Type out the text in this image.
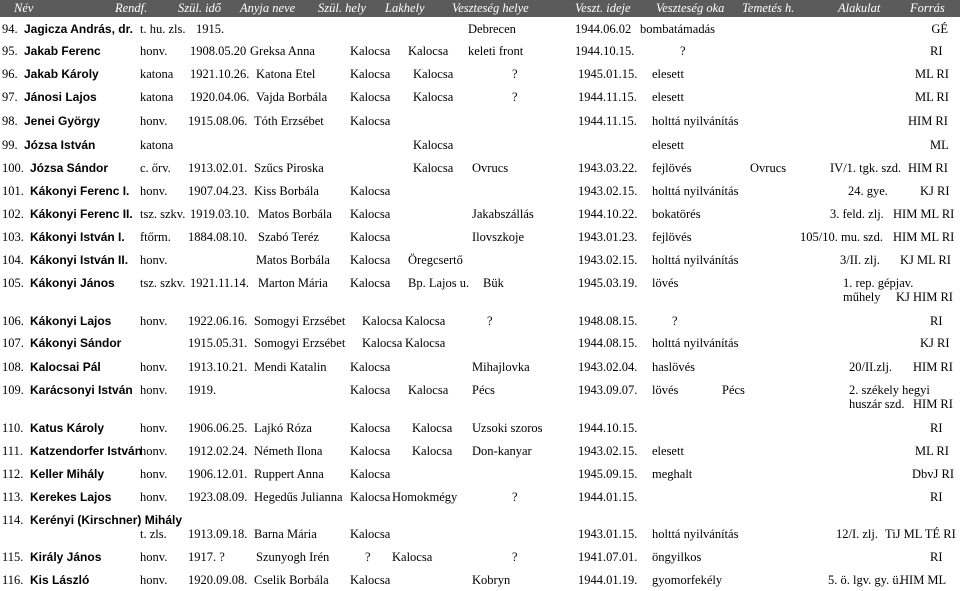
Név	Rendf. Szül. idő Anyja neve Szül. hely Lakhely Veszteség helye	Veszt. ideje Veszteség oka Temetés h.	Alakulat Forrás
94. Jagicza András, dr. t. hu. zls. 1915.	Debrecen	1944.06.02 bombatámadás	GÉ
95. Jakab Ferenc	honv. 1908.05.20 Greksa Anna	Kalocsa Kalocsa keleti front	1944.10.15.	?	RI
96. Jakab Károly	katona 1921.10.26. Katona Etel	Kalocsa Kalocsa	?	1945.01.15. elesett	ML RI
97. Jánosi Lajos	katona 1920.04.06. Vajda Borbála Kalocsa Kalocsa	?	1944.11.15. elesett	ML RI
98. Jenei György	honv. 1915.08.06. Tóth Erzsébet Kalocsa	1944.11.15. holttá nyilvánítás	HIM RI
99. Józsa István	katona	Kalocsa	elesett	ML
100. Józsa Sándor	c. őrv. 1913.02.01. Szűcs Piroska	Kalocsa Ovrucs	1943.03.22. fejlövés	Ovrucs	IV/1. tgk. szd. HIM RI
101. Kákonyi Ferenc I. honv. 1907.04.23. Kiss Borbála Kalocsa	1943.02.15. holttá nyilvánítás	24. gye.	KJ RI
102. Kákonyi Ferenc II. tsz. szkv. 1919.03.10. Matos Borbála Kalocsa	Jakabszállás	1944.10.22. bokatörés	3. feld. zlj. HIM ML RI
103. Kákonyi István I. ftőrm. 1884.08.10. Szabó Teréz Kalocsa	Ilovszkoje	1943.01.23. fejlövés	105/10. mu. szd. HIM ML RI
104. Kákonyi István II. honv.	Matos Borbála Kalocsa Öregcsertő	1943.02.15. holttá nyilvánítás	3/II. zlj. KJ ML RI
105. Kákonyi János tsz. szkv. 1921.11.14. Marton Mária Kalocsa Bp. Lajos u. Bük	1945.03.19. lövés	1. rep. gépjav.
műhely KJ HIM RI
106. Kákonyi Lajos honv. 1922.06.16. Somogyi Erzsébet Kalocsa Kalocsa	?	1948.08.15.	?	RI
107. Kákonyi Sándor	1915.05.31. Somogyi Erzsébet Kalocsa Kalocsa	1944.08.15. holttá nyilvánítás	KJ RI
108. Kalocsai Pál	honv. 1913.10.21. Mendi Katalin Kalocsa	Mihajlovka	1943.02.04. haslövés	20/II.zlj. HIM RI
109. Karácsonyi István honv. 1919.	Kalocsa Kalocsa Pécs	1943.09.07. lövés	Pécs	2. székely hegyi
huszár szd. HIM RI
110. Katus Károly	honv. 1906.06.25. Lajkó Róza	Kalocsa Kalocsa Uzsoki szoros	1944.10.15.	RI
111. Katzendorfer István
honv. 1912.02.24. Németh Ilona Kalocsa Kalocsa Don-kanyar	1943.02.15. elesett	ML RI
112. Keller Mihály	honv. 1906.12.01. Ruppert Anna Kalocsa	1945.09.15. meghalt	DbvJ RI
113. Kerekes Lajos honv. 1923.08.09. Hegedűs Julianna Kalocsa Homokmégy	?	1944.01.15.	RI
114. Kerényi (Kirschner) Mihály
t. zls. 1913.09.18. Barna Mária	Kalocsa	1943.01.15. holttá nyilvánítás	12/I. zlj. TiJ ML TÉ RI
115. Király János	honv. 1917. ? Szunyogh Irén	? Kalocsa	?	1941.07.01. öngyilkos	RI
116. Kis László	honv. 1920.09.08. Cselik Borbála Kalocsa	Kobryn	1944.01.19. gyomorfekély	5. ö. lgv. gy. ü.
HIM ML
